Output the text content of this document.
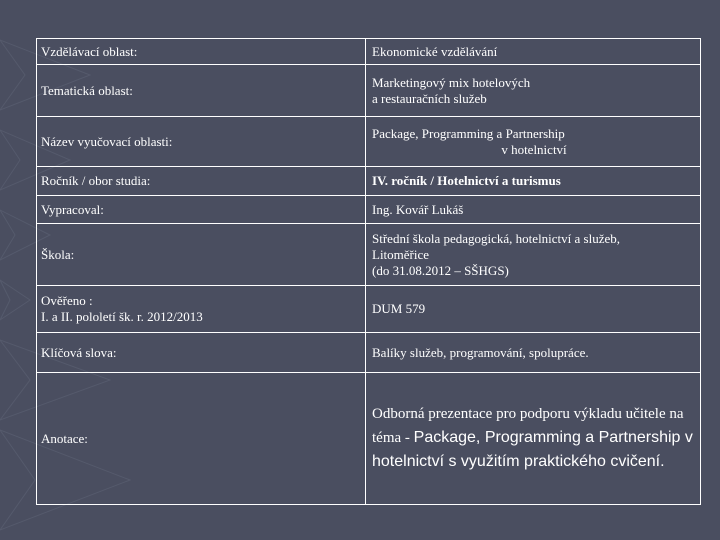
Vzdělávací oblast:	Ekonomické vzdělávání
Tematická oblast:	Marketingový mix hotelových
a restauračních služeb
Název vyučovací oblasti:	Package, Programming a Partnership
v hotelnictví

Ročník / obor studia:	IV. ročník / Hotelnictví a turismus
Vypracoval:	Ing. Kovář Lukáš
Škola:	Střední škola pedagogická, hotelnictví a služeb,
Litoměřice
(do 31.08.2012 – SŠHGS)
Ověřeno :
I. a II. pololetí šk. r. 2012/2013	DUM 579
Klíčová slova:	Balíky služeb, programování, spolupráce.
Anotace:	Odborná prezentace pro podporu výkladu učitele na téma - Package, Programming a Partnership v hotelnictví s využitím praktického cvičení.
